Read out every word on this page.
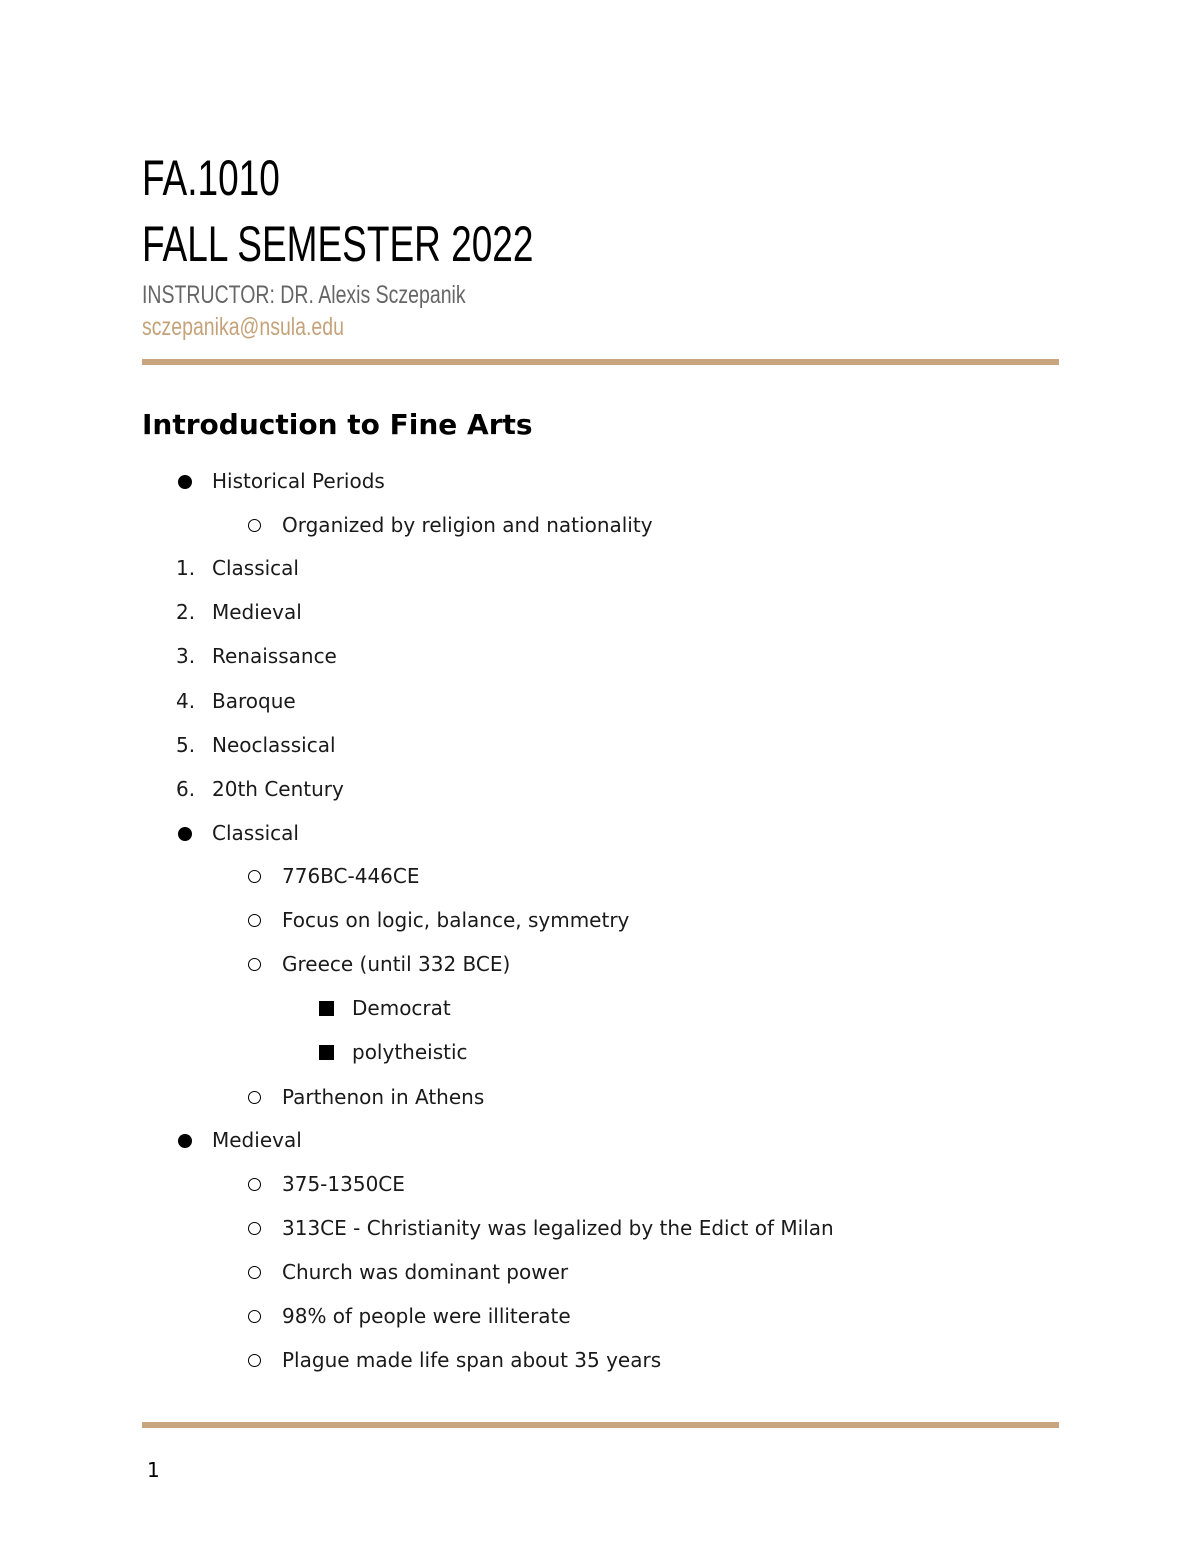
FA.1010
FALL SEMESTER 2022
INSTRUCTOR: DR. Alexis Sczepanik
sczepanika@nsula.edu
Introduction to Fine Arts
Historical Periods
Organized by religion and nationality
1. Classical
2. Medieval
3. Renaissance
4. Baroque
5. Neoclassical
6. 20th Century
Classical
776BC-446CE
Focus on logic, balance, symmetry
Greece (until 332 BCE)
Democrat
polytheistic
Parthenon in Athens
Medieval
375-1350CE
313CE - Christianity was legalized by the Edict of Milan
Church was dominant power
98% of people were illiterate
Plague made life span about 35 years
1
